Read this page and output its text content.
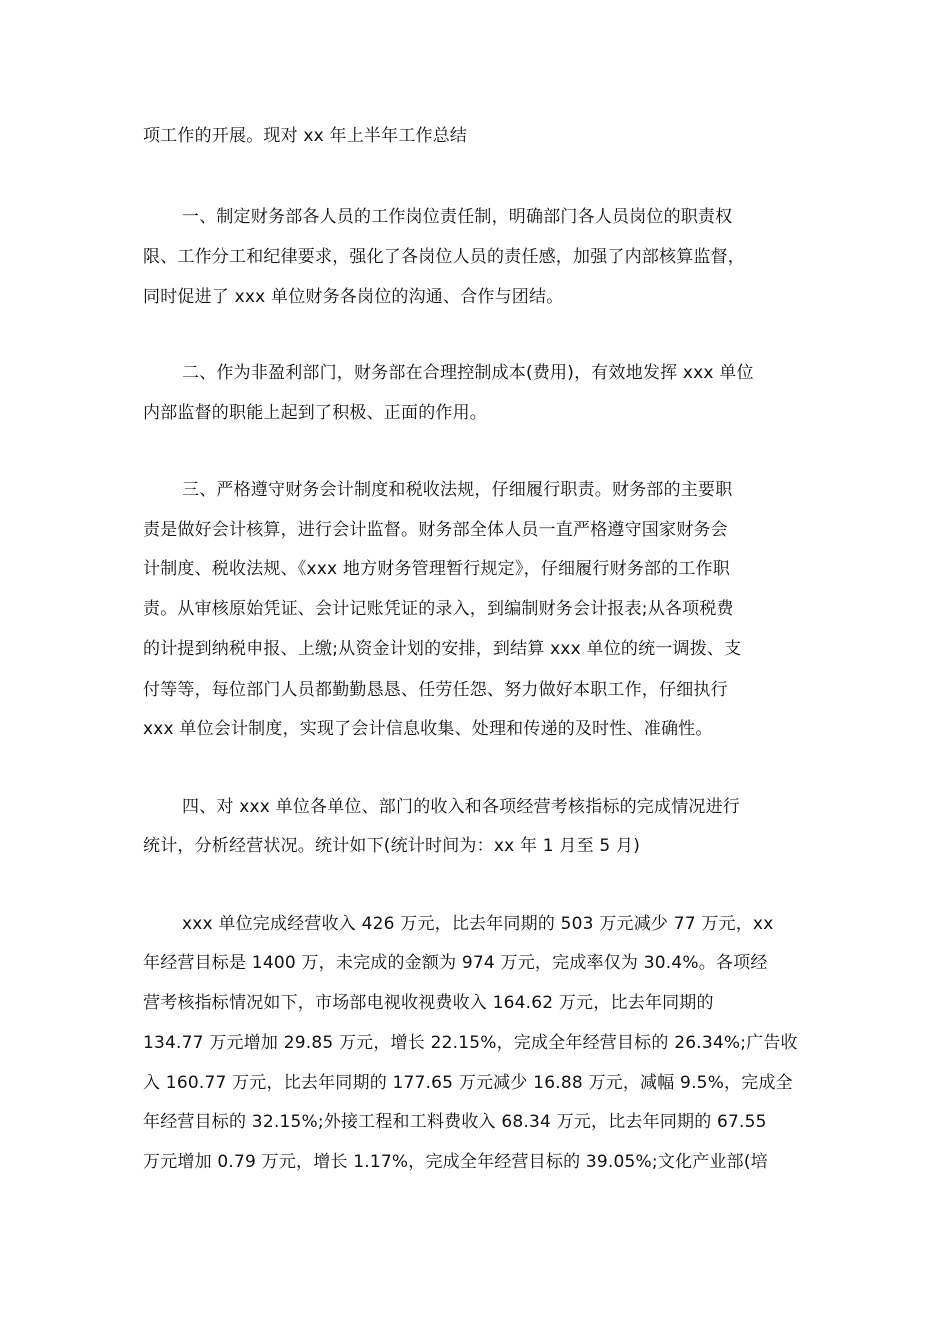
项工作的开展。现对 xx 年上半年工作总结
一、制定财务部各人员的工作岗位责任制，明确部门各人员岗位的职责权
限、工作分工和纪律要求，强化了各岗位人员的责任感，加强了内部核算监督，
同时促进了 xxx 单位财务各岗位的沟通、合作与团结。
二、作为非盈利部门，财务部在合理控制成本(费用)，有效地发挥 xxx 单位
内部监督的职能上起到了积极、正面的作用。
三、严格遵守财务会计制度和税收法规，仔细履行职责。财务部的主要职
责是做好会计核算，进行会计监督。财务部全体人员一直严格遵守国家财务会
计制度、税收法规、《xxx 地方财务管理暂行规定》，仔细履行财务部的工作职
责。从审核原始凭证、会计记账凭证的录入，到编制财务会计报表;从各项税费
的计提到纳税申报、上缴;从资金计划的安排，到结算 xxx 单位的统一调拨、支
付等等，每位部门人员都勤勤恳恳、任劳任怨、努力做好本职工作，仔细执行
xxx 单位会计制度，实现了会计信息收集、处理和传递的及时性、准确性。
四、对 xxx 单位各单位、部门的收入和各项经营考核指标的完成情况进行
统计，分析经营状况。统计如下(统计时间为：xx 年 1 月至 5 月)
xxx 单位完成经营收入 426 万元，比去年同期的 503 万元减少 77 万元，xx
年经营目标是 1400 万，未完成的金额为 974 万元，完成率仅为 30.4%。各项经
营考核指标情况如下，市场部电视收视费收入 164.62 万元，比去年同期的
134.77 万元增加 29.85 万元，增长 22.15%，完成全年经营目标的 26.34%;广告收
入 160.77 万元，比去年同期的 177.65 万元减少 16.88 万元，减幅 9.5%，完成全
年经营目标的 32.15%;外接工程和工料费收入 68.34 万元，比去年同期的 67.55
万元增加 0.79 万元，增长 1.17%，完成全年经营目标的 39.05%;文化产业部(培
